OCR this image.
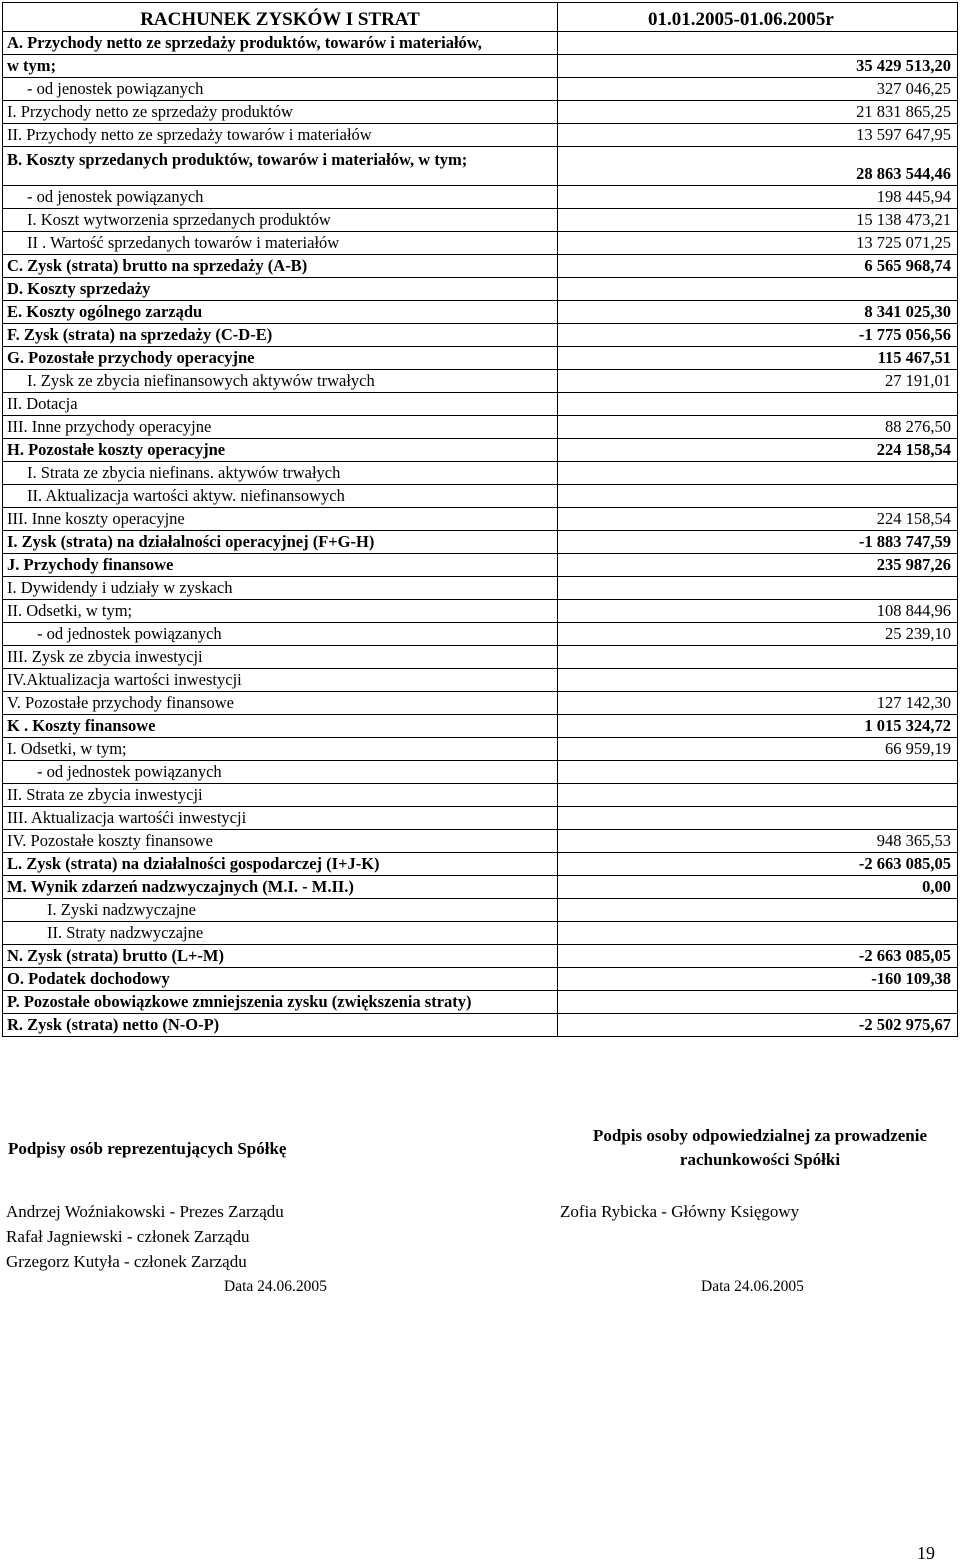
RACHUNEK ZYSKÓW I STRAT	01.01.2005-01.06.2005r
A. Przychody netto ze sprzedaży produktów, towarów i materiałów,	
w tym;	35 429 513,20
- od jenostek powiązanych	327 046,25
I. Przychody netto ze sprzedaży produktów	21 831 865,25
II. Przychody netto ze sprzedaży towarów i materiałów	13 597 647,95
B. Koszty sprzedanych produktów, towarów i materiałów, w tym;	28 863 544,46
- od jenostek powiązanych	198 445,94
I. Koszt wytworzenia sprzedanych produktów	15 138 473,21
II . Wartość sprzedanych towarów i materiałów	13 725 071,25
C. Zysk (strata) brutto na sprzedaży (A-B)	6 565 968,74
D. Koszty sprzedaży	
E. Koszty ogólnego zarządu	8 341 025,30
F. Zysk (strata) na sprzedaży (C-D-E)	-1 775 056,56
G. Pozostałe przychody operacyjne	115 467,51
I. Zysk ze zbycia niefinansowych aktywów trwałych	27 191,01
II. Dotacja	
III. Inne przychody operacyjne	88 276,50
H. Pozostałe koszty operacyjne	224 158,54
I. Strata ze zbycia niefinans. aktywów trwałych	
II. Aktualizacja wartości aktyw. niefinansowych	
III. Inne koszty operacyjne	224 158,54
I. Zysk (strata) na działalności operacyjnej (F+G-H)	-1 883 747,59
J. Przychody finansowe	235 987,26
I. Dywidendy i udziały w zyskach	
II. Odsetki, w tym;	108 844,96
- od jednostek powiązanych	25 239,10
III. Zysk ze zbycia inwestycji	
IV.Aktualizacja wartości inwestycji	
V. Pozostałe przychody finansowe	127 142,30
K . Koszty finansowe	1 015 324,72
I. Odsetki, w tym;	66 959,19
- od jednostek powiązanych	
II. Strata ze zbycia inwestycji	
III. Aktualizacja wartośći inwestycji	
IV. Pozostałe koszty finansowe	948 365,53
L. Zysk (strata) na działalności gospodarczej (I+J-K)	-2 663 085,05
M. Wynik zdarzeń nadzwyczajnych (M.I. - M.II.)	0,00
I. Zyski nadzwyczajne	
II. Straty nadzwyczajne	
N. Zysk (strata) brutto (L+-M)	-2 663 085,05
O. Podatek dochodowy	-160 109,38
P. Pozostałe obowiązkowe zmniejszenia zysku (zwiększenia straty)	
R. Zysk (strata) netto (N-O-P)	-2 502 975,67
Podpisy osób reprezentujących Spółkę
Podpis osoby odpowiedzialnej za prowadzenie rachunkowości Spółki
Andrzej Woźniakowski - Prezes Zarządu
Rafał Jagniewski - członek Zarządu
Grzegorz Kutyła - członek Zarządu
Zofia Rybicka - Główny Księgowy
Data 24.06.2005	Data 24.06.2005
19
